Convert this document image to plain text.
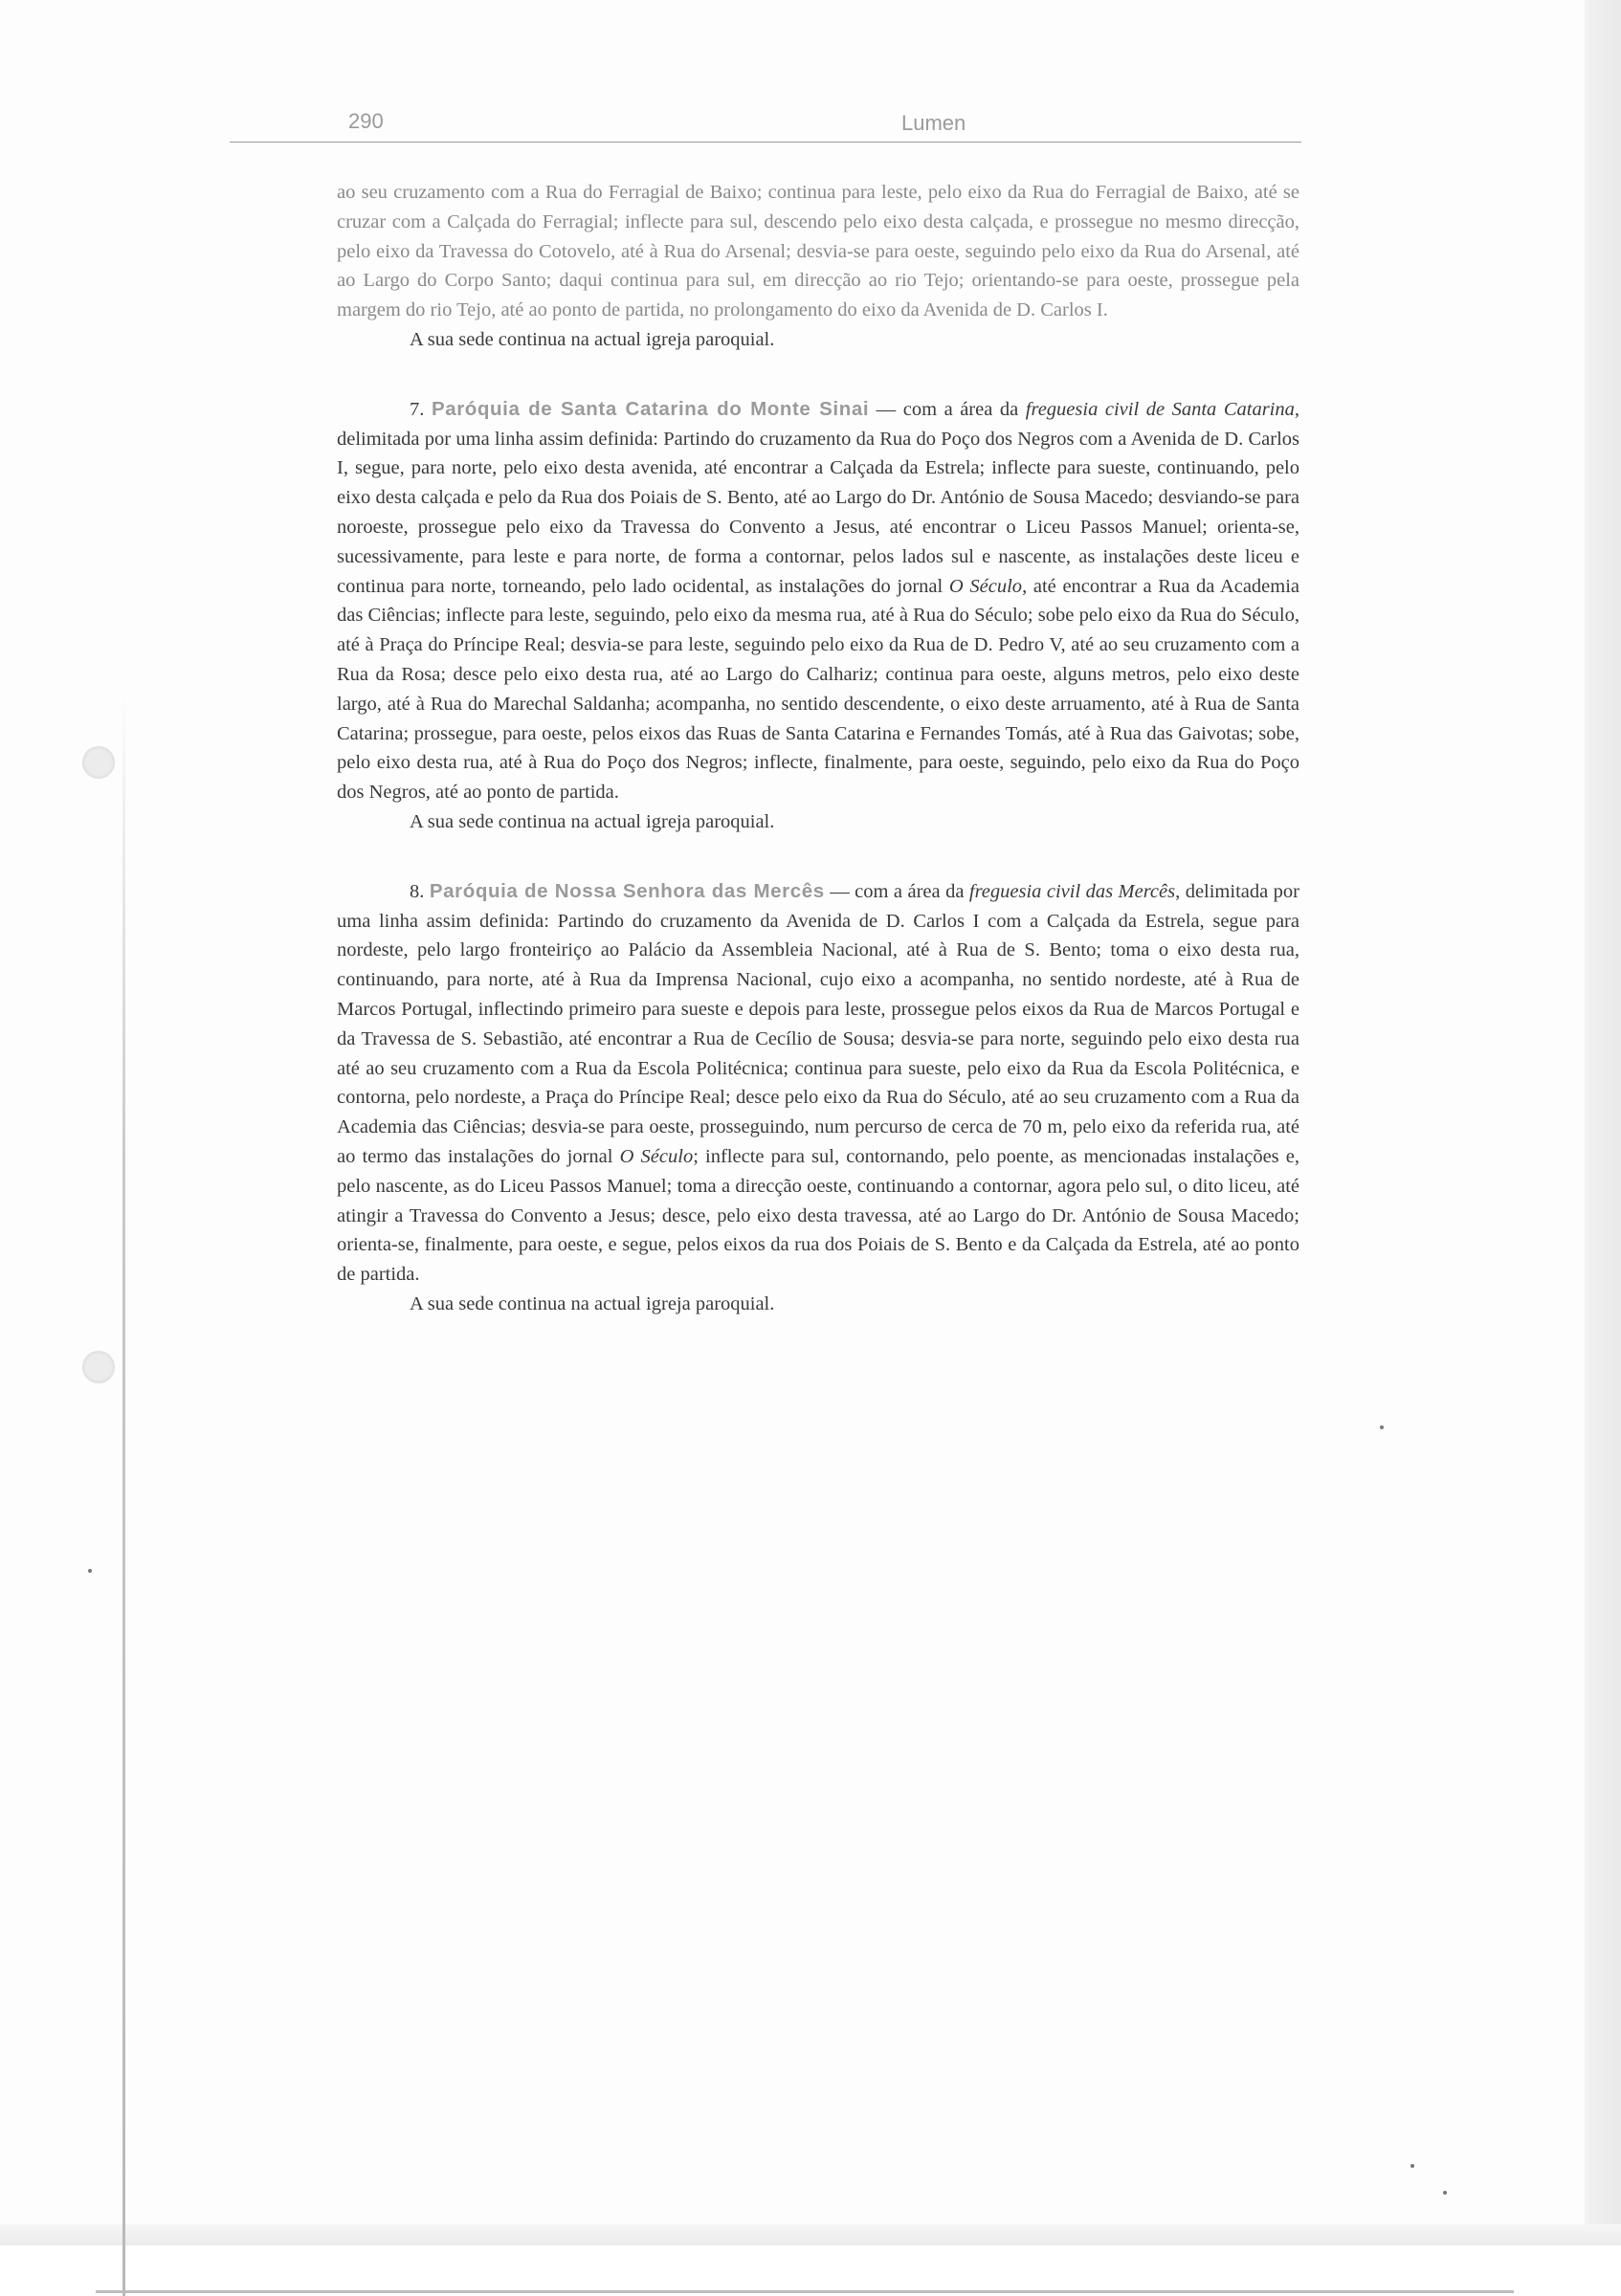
290	Lumen

ao seu cruzamento com a Rua do Ferragial de Baixo; continua para leste, pelo eixo da Rua do Ferragial de Baixo, até se cruzar com a Calçada do Ferragial; inflecte para sul, descendo pelo eixo desta calçada, e prossegue no mesmo direcção, pelo eixo da Travessa do Cotovelo, até à Rua do Arsenal; desvia-se para oeste, seguindo pelo eixo da Rua do Arsenal, até ao Largo do Corpo Santo; daqui continua para sul, em direcção ao rio Tejo; orientando-se para oeste, prossegue pela margem do rio Tejo, até ao ponto de partida, no prolongamento do eixo da Avenida de D. Carlos I.

A sua sede continua na actual igreja paroquial.

7. Paróquia de Santa Catarina do Monte Sinai — com a área da freguesia civil de Santa Catarina, delimitada por uma linha assim definida: Partindo do cruzamento da Rua do Poço dos Negros com a Avenida de D. Carlos I, segue, para norte, pelo eixo desta avenida, até encontrar a Calçada da Estrela; inflecte para sueste, continuando, pelo eixo desta calçada e pelo da Rua dos Poiais de S. Bento, até ao Largo do Dr. António de Sousa Macedo; desviando-se para noroeste, prossegue pelo eixo da Travessa do Convento a Jesus, até encontrar o Liceu Passos Manuel; orienta-se, sucessivamente, para leste e para norte, de forma a contornar, pelos lados sul e nascente, as instalações deste liceu e continua para norte, torneando, pelo lado ocidental, as instalações do jornal O Século, até encontrar a Rua da Academia das Ciências; inflecte para leste, seguindo, pelo eixo da mesma rua, até à Rua do Século; sobe pelo eixo da Rua do Século, até à Praça do Príncipe Real; desvia-se para leste, seguindo pelo eixo da Rua de D. Pedro V, até ao seu cruzamento com a Rua da Rosa; desce pelo eixo desta rua, até ao Largo do Calhariz; continua para oeste, alguns metros, pelo eixo deste largo, até à Rua do Marechal Saldanha; acompanha, no sentido descendente, o eixo deste arruamento, até à Rua de Santa Catarina; prossegue, para oeste, pelos eixos das Ruas de Santa Catarina e Fernandes Tomás, até à Rua das Gaivotas; sobe, pelo eixo desta rua, até à Rua do Poço dos Negros; inflecte, finalmente, para oeste, seguindo, pelo eixo da Rua do Poço dos Negros, até ao ponto de partida.

A sua sede continua na actual igreja paroquial.

8. Paróquia de Nossa Senhora das Mercês — com a área da freguesia civil das Mercês, delimitada por uma linha assim definida: Partindo do cruzamento da Avenida de D. Carlos I com a Calçada da Estrela, segue para nordeste, pelo largo fronteiriço ao Palácio da Assembleia Nacional, até à Rua de S. Bento; toma o eixo desta rua, continuando, para norte, até à Rua da Imprensa Nacional, cujo eixo a acompanha, no sentido nordeste, até à Rua de Marcos Portugal, inflectindo primeiro para sueste e depois para leste, prossegue pelos eixos da Rua de Marcos Portugal e da Travessa de S. Sebastião, até encontrar a Rua de Cecílio de Sousa; desvia-se para norte, seguindo pelo eixo desta rua até ao seu cruzamento com a Rua da Escola Politécnica; continua para sueste, pelo eixo da Rua da Escola Politécnica, e contorna, pelo nordeste, a Praça do Príncipe Real; desce pelo eixo da Rua do Século, até ao seu cruzamento com a Rua da Academia das Ciências; desvia-se para oeste, prosseguindo, num percurso de cerca de 70 m, pelo eixo da referida rua, até ao termo das instalações do jornal O Século; inflecte para sul, contornando, pelo poente, as mencionadas instalações e, pelo nascente, as do Liceu Passos Manuel; toma a direcção oeste, continuando a contornar, agora pelo sul, o dito liceu, até atingir a Travessa do Convento a Jesus; desce, pelo eixo desta travessa, até ao Largo do Dr. António de Sousa Macedo; orienta-se, finalmente, para oeste, e segue, pelos eixos da rua dos Poiais de S. Bento e da Calçada da Estrela, até ao ponto de partida.

A sua sede continua na actual igreja paroquial.
